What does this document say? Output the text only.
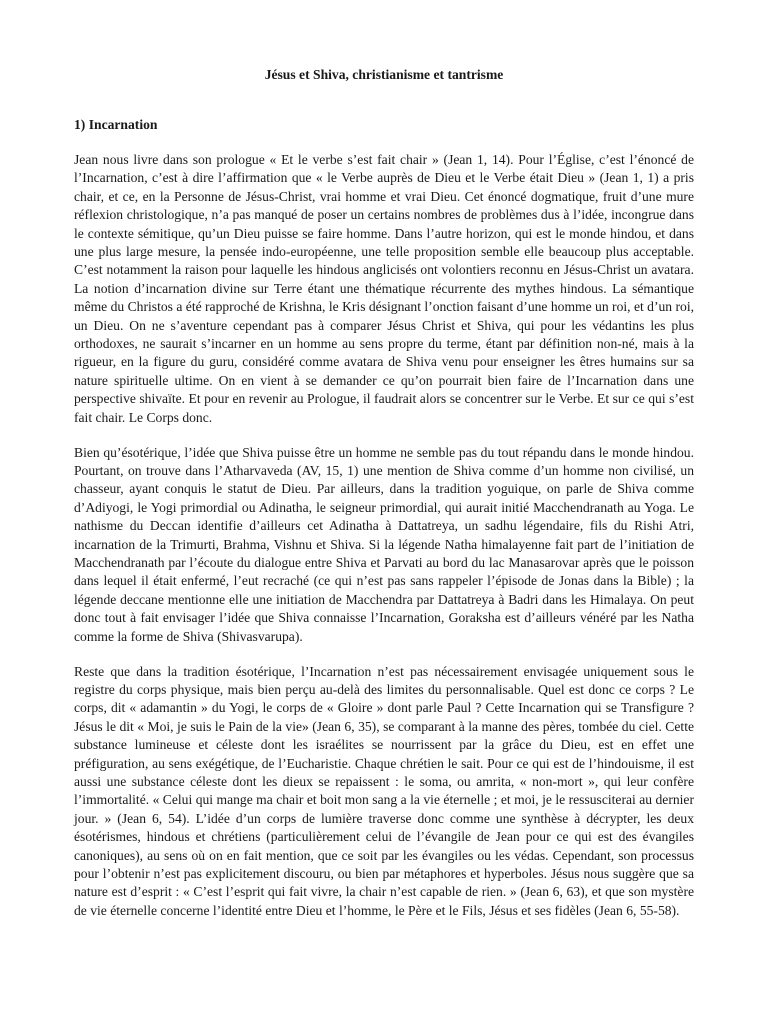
Jésus et Shiva, christianisme et tantrisme
1) Incarnation

Jean nous livre dans son prologue « Et le verbe s’est fait chair » (Jean 1, 14). Pour l’Église, c’est l’énoncé de l’Incarnation, c’est à dire l’affirmation que « le Verbe auprès de Dieu et le Verbe était Dieu » (Jean 1, 1) a pris chair, et ce, en la Personne de Jésus-Christ, vrai homme et vrai Dieu. Cet énoncé dogmatique, fruit d’une mure réflexion christologique, n’a pas manqué de poser un certains nombres de problèmes dus à l’idée, incongrue dans le contexte sémitique, qu’un Dieu puisse se faire homme. Dans l’autre horizon, qui est le monde hindou, et dans une plus large mesure, la pensée indo-européenne, une telle proposition semble elle beaucoup plus acceptable. C’est notamment la raison pour laquelle les hindous anglicisés ont volontiers reconnu en Jésus-Christ un avatara. La notion d’incarnation divine sur Terre étant une thématique récurrente des mythes hindous. La sémantique même du Christos a été rapproché de Krishna, le Kris désignant l’onction faisant d’une homme un roi, et d’un roi, un Dieu. On ne s’aventure cependant pas à comparer Jésus Christ et Shiva, qui pour les védantins les plus orthodoxes, ne saurait s’incarner en un homme au sens propre du terme, étant par définition non-né, mais à la rigueur, en la figure du guru, considéré comme avatara de Shiva venu pour enseigner les êtres humains sur sa nature spirituelle ultime. On en vient à se demander ce qu’on pourrait bien faire de l’Incarnation dans une perspective shivaïte. Et pour en revenir au Prologue, il faudrait alors se concentrer sur le Verbe. Et sur ce qui s’est fait chair. Le Corps donc.

Bien qu’ésotérique, l’idée que Shiva puisse être un homme ne semble pas du tout répandu dans le monde hindou. Pourtant, on trouve dans l’Atharvaveda (AV, 15, 1) une mention de Shiva comme d’un homme non civilisé, un chasseur, ayant conquis le statut de Dieu. Par ailleurs, dans la tradition yoguique, on parle de Shiva comme d’Adiyogi, le Yogi primordial ou Adinatha, le seigneur primordial, qui aurait initié Macchendranath au Yoga. Le nathisme du Deccan identifie d’ailleurs cet Adinatha à Dattatreya, un sadhu légendaire, fils du Rishi Atri, incarnation de la Trimurti, Brahma, Vishnu et Shiva. Si la légende Natha himalayenne fait part de l’initiation de Macchendranath par l’écoute du dialogue entre Shiva et Parvati au bord du lac Manasarovar après que le poisson dans lequel il était enfermé, l’eut recraché (ce qui n’est pas sans rappeler l’épisode de Jonas dans la Bible) ; la légende deccane mentionne elle une initiation de Macchendra par Dattatreya à Badri dans les Himalaya. On peut donc tout à fait envisager l’idée que Shiva connaisse l’Incarnation, Goraksha est d’ailleurs vénéré par les Natha comme la forme de Shiva (Shivasvarupa).

Reste que dans la tradition ésotérique, l’Incarnation n’est pas nécessairement envisagée uniquement sous le registre du corps physique, mais bien perçu au-delà des limites du personnalisable. Quel est donc ce corps ? Le corps, dit « adamantin » du Yogi, le corps de « Gloire » dont parle Paul ? Cette Incarnation qui se Transfigure ? Jésus le dit « Moi, je suis le Pain de la vie» (Jean 6, 35), se comparant à la manne des pères, tombée du ciel. Cette substance lumineuse et céleste dont les israélites se nourrissent par la grâce du Dieu, est en effet une préfiguration, au sens exégétique, de l’Eucharistie. Chaque chrétien le sait. Pour ce qui est de l’hindouisme, il est aussi une substance céleste dont les dieux se repaissent : le soma, ou amrita, « non-mort », qui leur confère l’immortalité. « Celui qui mange ma chair et boit mon sang a la vie éternelle ; et moi, je le ressusciterai au dernier jour. » (Jean 6, 54). L’idée d’un corps de lumière traverse donc comme une synthèse à décrypter, les deux ésotérismes, hindous et chrétiens (particulièrement celui de l’évangile de Jean pour ce qui est des évangiles canoniques), au sens où on en fait mention, que ce soit par les évangiles ou les védas. Cependant, son processus pour l’obtenir n’est pas explicitement discouru, ou bien par métaphores et hyperboles. Jésus nous suggère que sa nature est d’esprit : « C’est l’esprit qui fait vivre, la chair n’est capable de rien. » (Jean 6, 63), et que son mystère de vie éternelle concerne l’identité entre Dieu et l’homme, le Père et le Fils, Jésus et ses fidèles (Jean 6, 55-58).
